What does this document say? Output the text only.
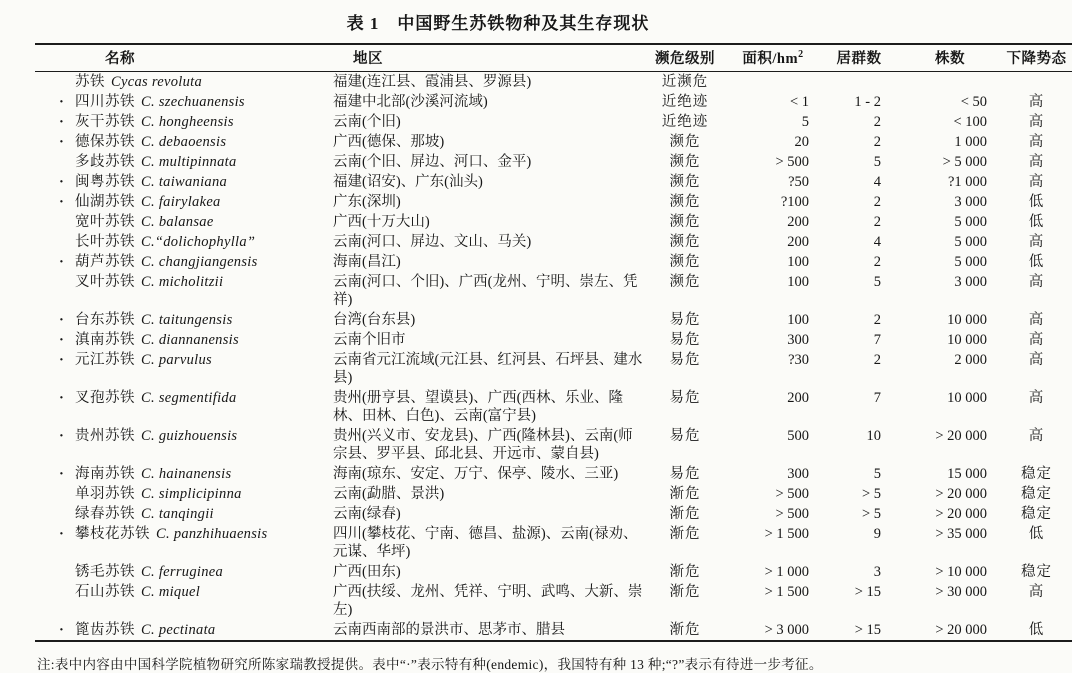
表 1　中国野生苏铁物种及其生存现状
名称	地区	濒危级别	面积$/hm^2$	居群数	株数	下降势态
苏铁 Cycas revoluta	福建(连江县、霞浦县、罗源县)	近濒危				
· 四川苏铁 C. szechuanensis	福建中北部(沙溪河流域)	近绝迹	< 1	1 - 2	< 50	高
· 灰干苏铁 C. hongheensis	云南(个旧)	近绝迹	5	2	< 100	高
· 德保苏铁 C. debaoensis	广西(德保、那坡)	濒危	20	2	1 000	高
多歧苏铁 C. multipinnata	云南(个旧、屏边、河口、金平)	濒危	> 500	5	> 5 000	高
· 闽粤苏铁 C. taiwaniana	福建(诏安)、广东(汕头)	濒危	?50	4	?1 000	高
· 仙湖苏铁 C. fairylakea	广东(深圳)	濒危	?100	2	3 000	低
宽叶苏铁 C. balansae	广西(十万大山)	濒危	200	2	5 000	低
长叶苏铁 C.“dolichophylla”	云南(河口、屏边、文山、马关)	濒危	200	4	5 000	高
· 葫芦苏铁 C. changjiangensis	海南(昌江)	濒危	100	2	5 000	低
叉叶苏铁 C. micholitzii	云南(河口、个旧)、广西(龙州、宁明、崇左、凭祥)	濒危	100	5	3 000	高
· 台东苏铁 C. taitungensis	台湾(台东县)	易危	100	2	10 000	高
· 滇南苏铁 C. diannanensis	云南个旧市	易危	300	7	10 000	高
· 元江苏铁 C. parvulus	云南省元江流域(元江县、红河县、石坪县、建水县)	易危	?30	2	2 000	高
· 叉孢苏铁 C. segmentifida	贵州(册亨县、望谟县)、广西(西林、乐业、隆林、田林、白色)、云南(富宁县)	易危	200	7	10 000	高
· 贵州苏铁 C. guizhouensis	贵州(兴义市、安龙县)、广西(隆林县)、云南(师宗县、罗平县、邱北县、开远市、蒙自县)	易危	500	10	> 20 000	高
· 海南苏铁 C. hainanensis	海南(琼东、安定、万宁、保亭、陵水、三亚)	易危	300	5	15 000	稳定
单羽苏铁 C. simplicipinna	云南(勐腊、景洪)	渐危	> 500	> 5	> 20 000	稳定
绿春苏铁 C. tanqingii	云南(绿春)	渐危	> 500	> 5	> 20 000	稳定
· 攀枝花苏铁 C. panzhihuaensis	四川(攀枝花、宁南、德昌、盐源)、云南(禄劝、元谋、华坪)	渐危	> 1 500	9	> 35 000	低
锈毛苏铁 C. ferruginea	广西(田东)	渐危	> 1 000	3	> 10 000	稳定
石山苏铁 C. miquel	广西(扶绥、龙州、凭祥、宁明、武鸣、大新、崇左)	渐危	> 1 500	> 15	> 30 000	高
· 篦齿苏铁 C. pectinata	云南西南部的景洪市、思茅市、腊县	渐危	> 3 000	> 15	> 20 000	低
注:表中内容由中国科学院植物研究所陈家瑞教授提供。表中“·”表示特有种(endemic)，我国特有种 13 种;“?”表示有待进一步考征。
